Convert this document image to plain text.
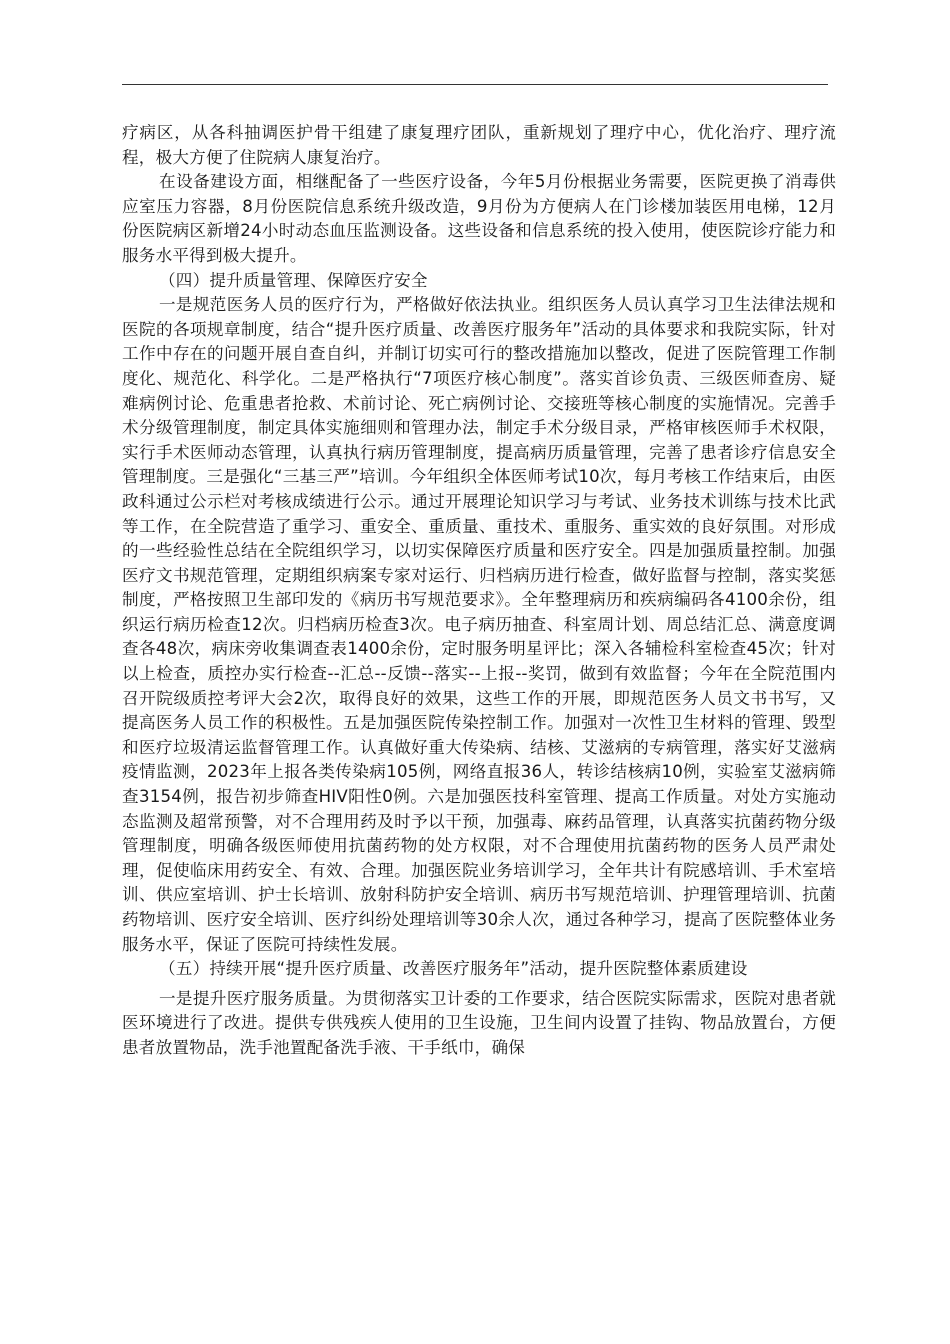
疗病区，从各科抽调医护骨干组建了康复理疗团队，重新规划了理疗中心，优化治疗、理疗流程，极大方便了住院病人康复治疗。

在设备建设方面，相继配备了一些医疗设备，今年5月份根据业务需要，医院更换了消毒供应室压力容器，8月份医院信息系统升级改造，9月份为方便病人在门诊楼加装医用电梯，12月份医院病区新增24小时动态血压监测设备。这些设备和信息系统的投入使用，使医院诊疗能力和服务水平得到极大提升。

（四）提升质量管理、保障医疗安全

一是规范医务人员的医疗行为，严格做好依法执业。组织医务人员认真学习卫生法律法规和医院的各项规章制度，结合“提升医疗质量、改善医疗服务年”活动的具体要求和我院实际，针对工作中存在的问题开展自查自纠，并制订切实可行的整改措施加以整改，促进了医院管理工作制度化、规范化、科学化。二是严格执行“7项医疗核心制度”。落实首诊负责、三级医师查房、疑难病例讨论、危重患者抢救、术前讨论、死亡病例讨论、交接班等核心制度的实施情况。完善手术分级管理制度，制定具体实施细则和管理办法，制定手术分级目录，严格审核医师手术权限，实行手术医师动态管理，认真执行病历管理制度，提高病历质量管理，完善了患者诊疗信息安全管理制度。三是强化“三基三严”培训。今年组织全体医师考试10次，每月考核工作结束后，由医政科通过公示栏对考核成绩进行公示。通过开展理论知识学习与考试、业务技术训练与技术比武等工作，在全院营造了重学习、重安全、重质量、重技术、重服务、重实效的良好氛围。对形成的一些经验性总结在全院组织学习，以切实保障医疗质量和医疗安全。四是加强质量控制。加强医疗文书规范管理，定期组织病案专家对运行、归档病历进行检查，做好监督与控制，落实奖惩制度，严格按照卫生部印发的《病历书写规范要求》。全年整理病历和疾病编码各4100余份，组织运行病历检查12次。归档病历检查3次。电子病历抽查、科室周计划、周总结汇总、满意度调查各48次，病床旁收集调查表1400余份，定时服务明星评比；深入各辅检科室检查45次；针对以上检查，质控办实行检查--汇总--反馈--落实--上报--奖罚，做到有效监督；今年在全院范围内召开院级质控考评大会2次，取得良好的效果，这些工作的开展，即规范医务人员文书书写，又提高医务人员工作的积极性。五是加强医院传染控制工作。加强对一次性卫生材料的管理、毁型和医疗垃圾清运监督管理工作。认真做好重大传染病、结核、艾滋病的专病管理，落实好艾滋病疫情监测，2023年上报各类传染病105例，网络直报36人，转诊结核病10例，实验室艾滋病筛查3154例，报告初步筛查HIV阳性0例。六是加强医技科室管理、提高工作质量。对处方实施动态监测及超常预警，对不合理用药及时予以干预，加强毒、麻药品管理，认真落实抗菌药物分级管理制度，明确各级医师使用抗菌药物的处方权限，对不合理使用抗菌药物的医务人员严肃处理，促使临床用药安全、有效、合理。加强医院业务培训学习，全年共计有院感培训、手术室培训、供应室培训、护士长培训、放射科防护安全培训、病历书写规范培训、护理管理培训、抗菌药物培训、医疗安全培训、医疗纠纷处理培训等30余人次，通过各种学习，提高了医院整体业务服务水平，保证了医院可持续性发展。

（五）持续开展“提升医疗质量、改善医疗服务年”活动，提升医院整体素质建设

一是提升医疗服务质量。为贯彻落实卫计委的工作要求，结合医院实际需求，医院对患者就医环境进行了改进。提供专供残疾人使用的卫生设施，卫生间内设置了挂钩、物品放置台，方便患者放置物品，洗手池置配备洗手液、干手纸巾，确保
